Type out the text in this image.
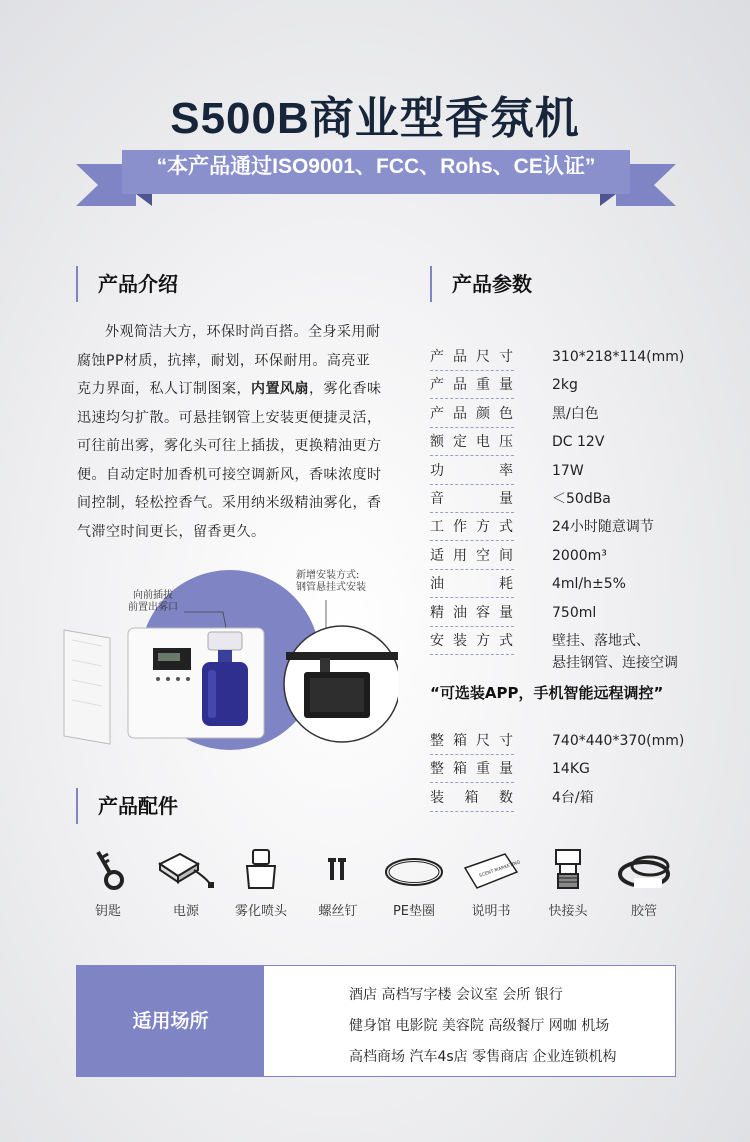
S500B商业型香氛机
“本产品通过ISO9001、FCC、Rohs、CE认证”
产品介绍	产品参数
产品配件
外观简洁大方，环保时尚百搭。全身采用耐腐蚀PP材质，抗摔，耐划，环保耐用。高亮亚克力界面，私人订制图案，内置风扇，雾化香味迅速均匀扩散。可悬挂钢管上安装更便捷灵活，可往前出雾，雾化头可往上插拔，更换精油更方便。自动定时加香机可接空调新风，香味浓度时间控制，轻松控香气。采用纳米级精油雾化，香气滞空时间更长，留香更久。
向前插拔
前置出雾口
新增安装方式:
钢管悬挂式安装
产品尺寸	310*218*114(mm)
产品重量	2kg
产品颜色	黑/白色
额定电压	DC 12V
功率	17W
音量	＜50dBa
工作方式	24小时随意调节
适用空间	2000m³
油耗	4ml/h±5%
精油容量	750ml
安装方式	壁挂、落地式、
悬挂钢管、连接空调
“可选装APP，手机智能远程调控”
整箱尺寸	740*440*370(mm)
整箱重量	14KG
装箱数	4台/箱
钥匙	电源	雾化喷头	螺丝钉	PE垫圈
SCENT MARKETING
说明书	快接头	胶管
适用场所
酒店 高档写字楼 会议室 会所 银行
健身馆 电影院 美容院 高级餐厅 网咖 机场
高档商场 汽车4s店 零售商店 企业连锁机构
